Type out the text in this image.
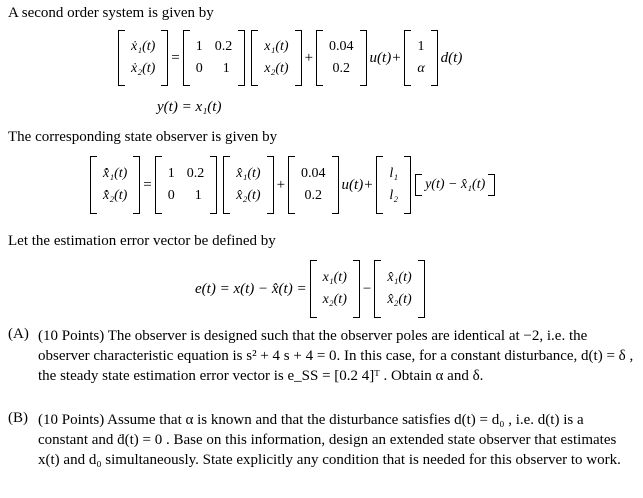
A second order system is given by
ẋ₁(t)
ẋ₂(t)
=
1 0.2
0	1
x₁(t)
x₂(t)
+
0.04
0.2
u(t)+
1
α
d(t)
y(t) = x₁(t)
The corresponding state observer is given by
x̂̇₁(t)
x̂̇₂(t)
=
1 0.2
0	1
x̂₁(t)
x̂₂(t)
+
0.04
0.2
u(t)+
l₁
l₂
y(t) − x̂₁(t)
Let the estimation error vector be defined by
e(t) = x(t) − x̂(t) =
x₁(t)
x₂(t)
−
x̂₁(t)
x̂₂(t)
(A) (10 Points) The observer is designed such that the observer poles are identical at −2, i.e. the observer characteristic equation is s² + 4 s + 4 = 0. In this case, for a constant disturbance, d(t) = δ , the steady state estimation error vector is e_SS = [0.2 4]ᵀ . Obtain α and δ.
(B) (10 Points) Assume that α is known and that the disturbance satisfies d(t) = d₀ , i.e. d(t) is a constant and ḋ(t) = 0 . Base on this information, design an extended state observer that estimates x(t) and d₀ simultaneously. State explicitly any condition that is needed for this observer to work.
